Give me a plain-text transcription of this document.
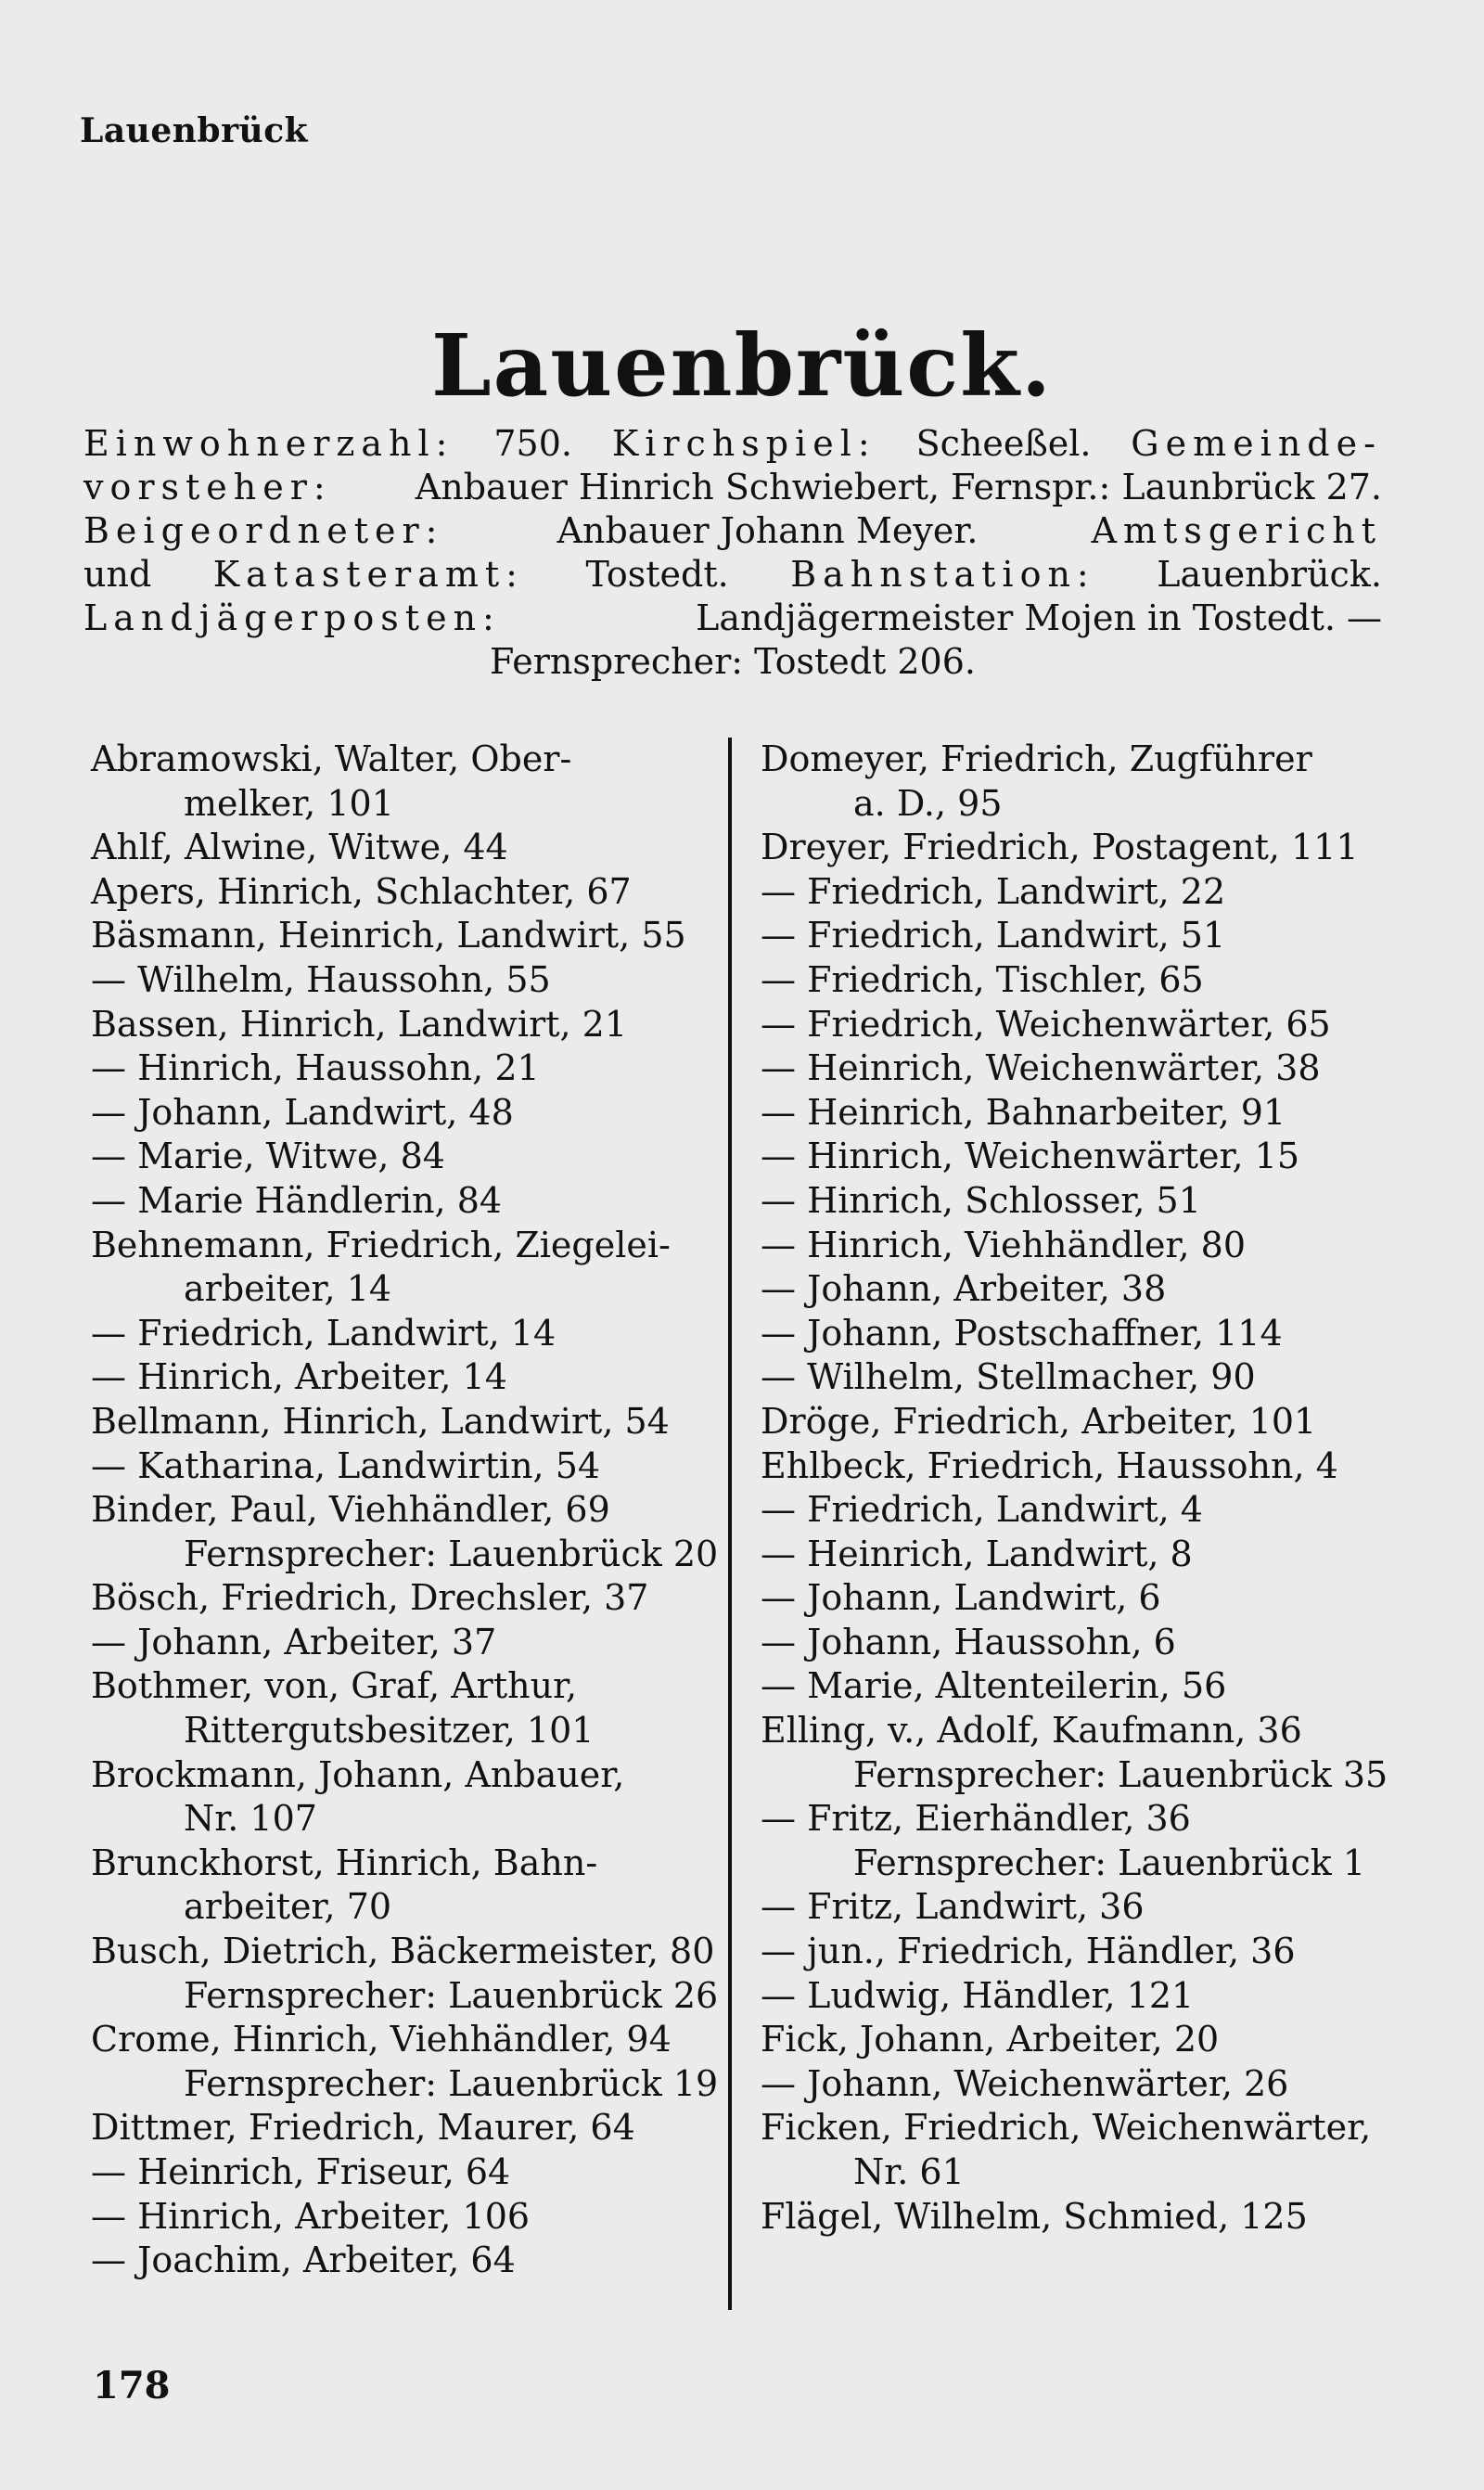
Lauenbrück
Lauenbrück.
Einwohnerzahl: 750. Kirchspiel: Scheeßel. Gemeinde-
vorsteher: Anbauer Hinrich Schwiebert, Fernspr.: Launbrück 27.
Beigeordneter:	Anbauer Johann Meyer.	Amtsgericht
und Katasteramt: Tostedt. Bahnstation: Lauenbrück.
Landjägerposten:	Landjägermeister Mojen in Tostedt. —
Fernsprecher: Tostedt 206.
Abramowski, Walter, Ober-
melker, 101
Ahlf, Alwine, Witwe, 44
Apers, Hinrich, Schlachter, 67
Bäsmann, Heinrich, Landwirt, 55
— Wilhelm, Haussohn, 55
Bassen, Hinrich, Landwirt, 21
— Hinrich, Haussohn, 21
— Johann, Landwirt, 48
— Marie, Witwe, 84
— Marie Händlerin, 84
Behnemann, Friedrich, Ziegelei-
arbeiter, 14
— Friedrich, Landwirt, 14
— Hinrich, Arbeiter, 14
Bellmann, Hinrich, Landwirt, 54
— Katharina, Landwirtin, 54
Binder, Paul, Viehhändler, 69
Fernsprecher: Lauenbrück 20
Bösch, Friedrich, Drechsler, 37
— Johann, Arbeiter, 37
Bothmer, von, Graf, Arthur,
Rittergutsbesitzer, 101
Brockmann, Johann, Anbauer,
Nr. 107
Brunckhorst, Hinrich, Bahn-
arbeiter, 70
Busch, Dietrich, Bäckermeister, 80
Fernsprecher: Lauenbrück 26
Crome, Hinrich, Viehhändler, 94
Fernsprecher: Lauenbrück 19
Dittmer, Friedrich, Maurer, 64
— Heinrich, Friseur, 64
— Hinrich, Arbeiter, 106
— Joachim, Arbeiter, 64
Domeyer, Friedrich, Zugführer
a. D., 95
Dreyer, Friedrich, Postagent, 111
— Friedrich, Landwirt, 22
— Friedrich, Landwirt, 51
— Friedrich, Tischler, 65
— Friedrich, Weichenwärter, 65
— Heinrich, Weichenwärter, 38
— Heinrich, Bahnarbeiter, 91
— Hinrich, Weichenwärter, 15
— Hinrich, Schlosser, 51
— Hinrich, Viehhändler, 80
— Johann, Arbeiter, 38
— Johann, Postschaffner, 114
— Wilhelm, Stellmacher, 90
Dröge, Friedrich, Arbeiter, 101
Ehlbeck, Friedrich, Haussohn, 4
— Friedrich, Landwirt, 4
— Heinrich, Landwirt, 8
— Johann, Landwirt, 6
— Johann, Haussohn, 6
— Marie, Altenteilerin, 56
Elling, v., Adolf, Kaufmann, 36
Fernsprecher: Lauenbrück 35
— Fritz, Eierhändler, 36
Fernsprecher: Lauenbrück 1
— Fritz, Landwirt, 36
— jun., Friedrich, Händler, 36
— Ludwig, Händler, 121
Fick, Johann, Arbeiter, 20
— Johann, Weichenwärter, 26
Ficken, Friedrich, Weichenwärter,
Nr. 61
Flägel, Wilhelm, Schmied, 125
178
